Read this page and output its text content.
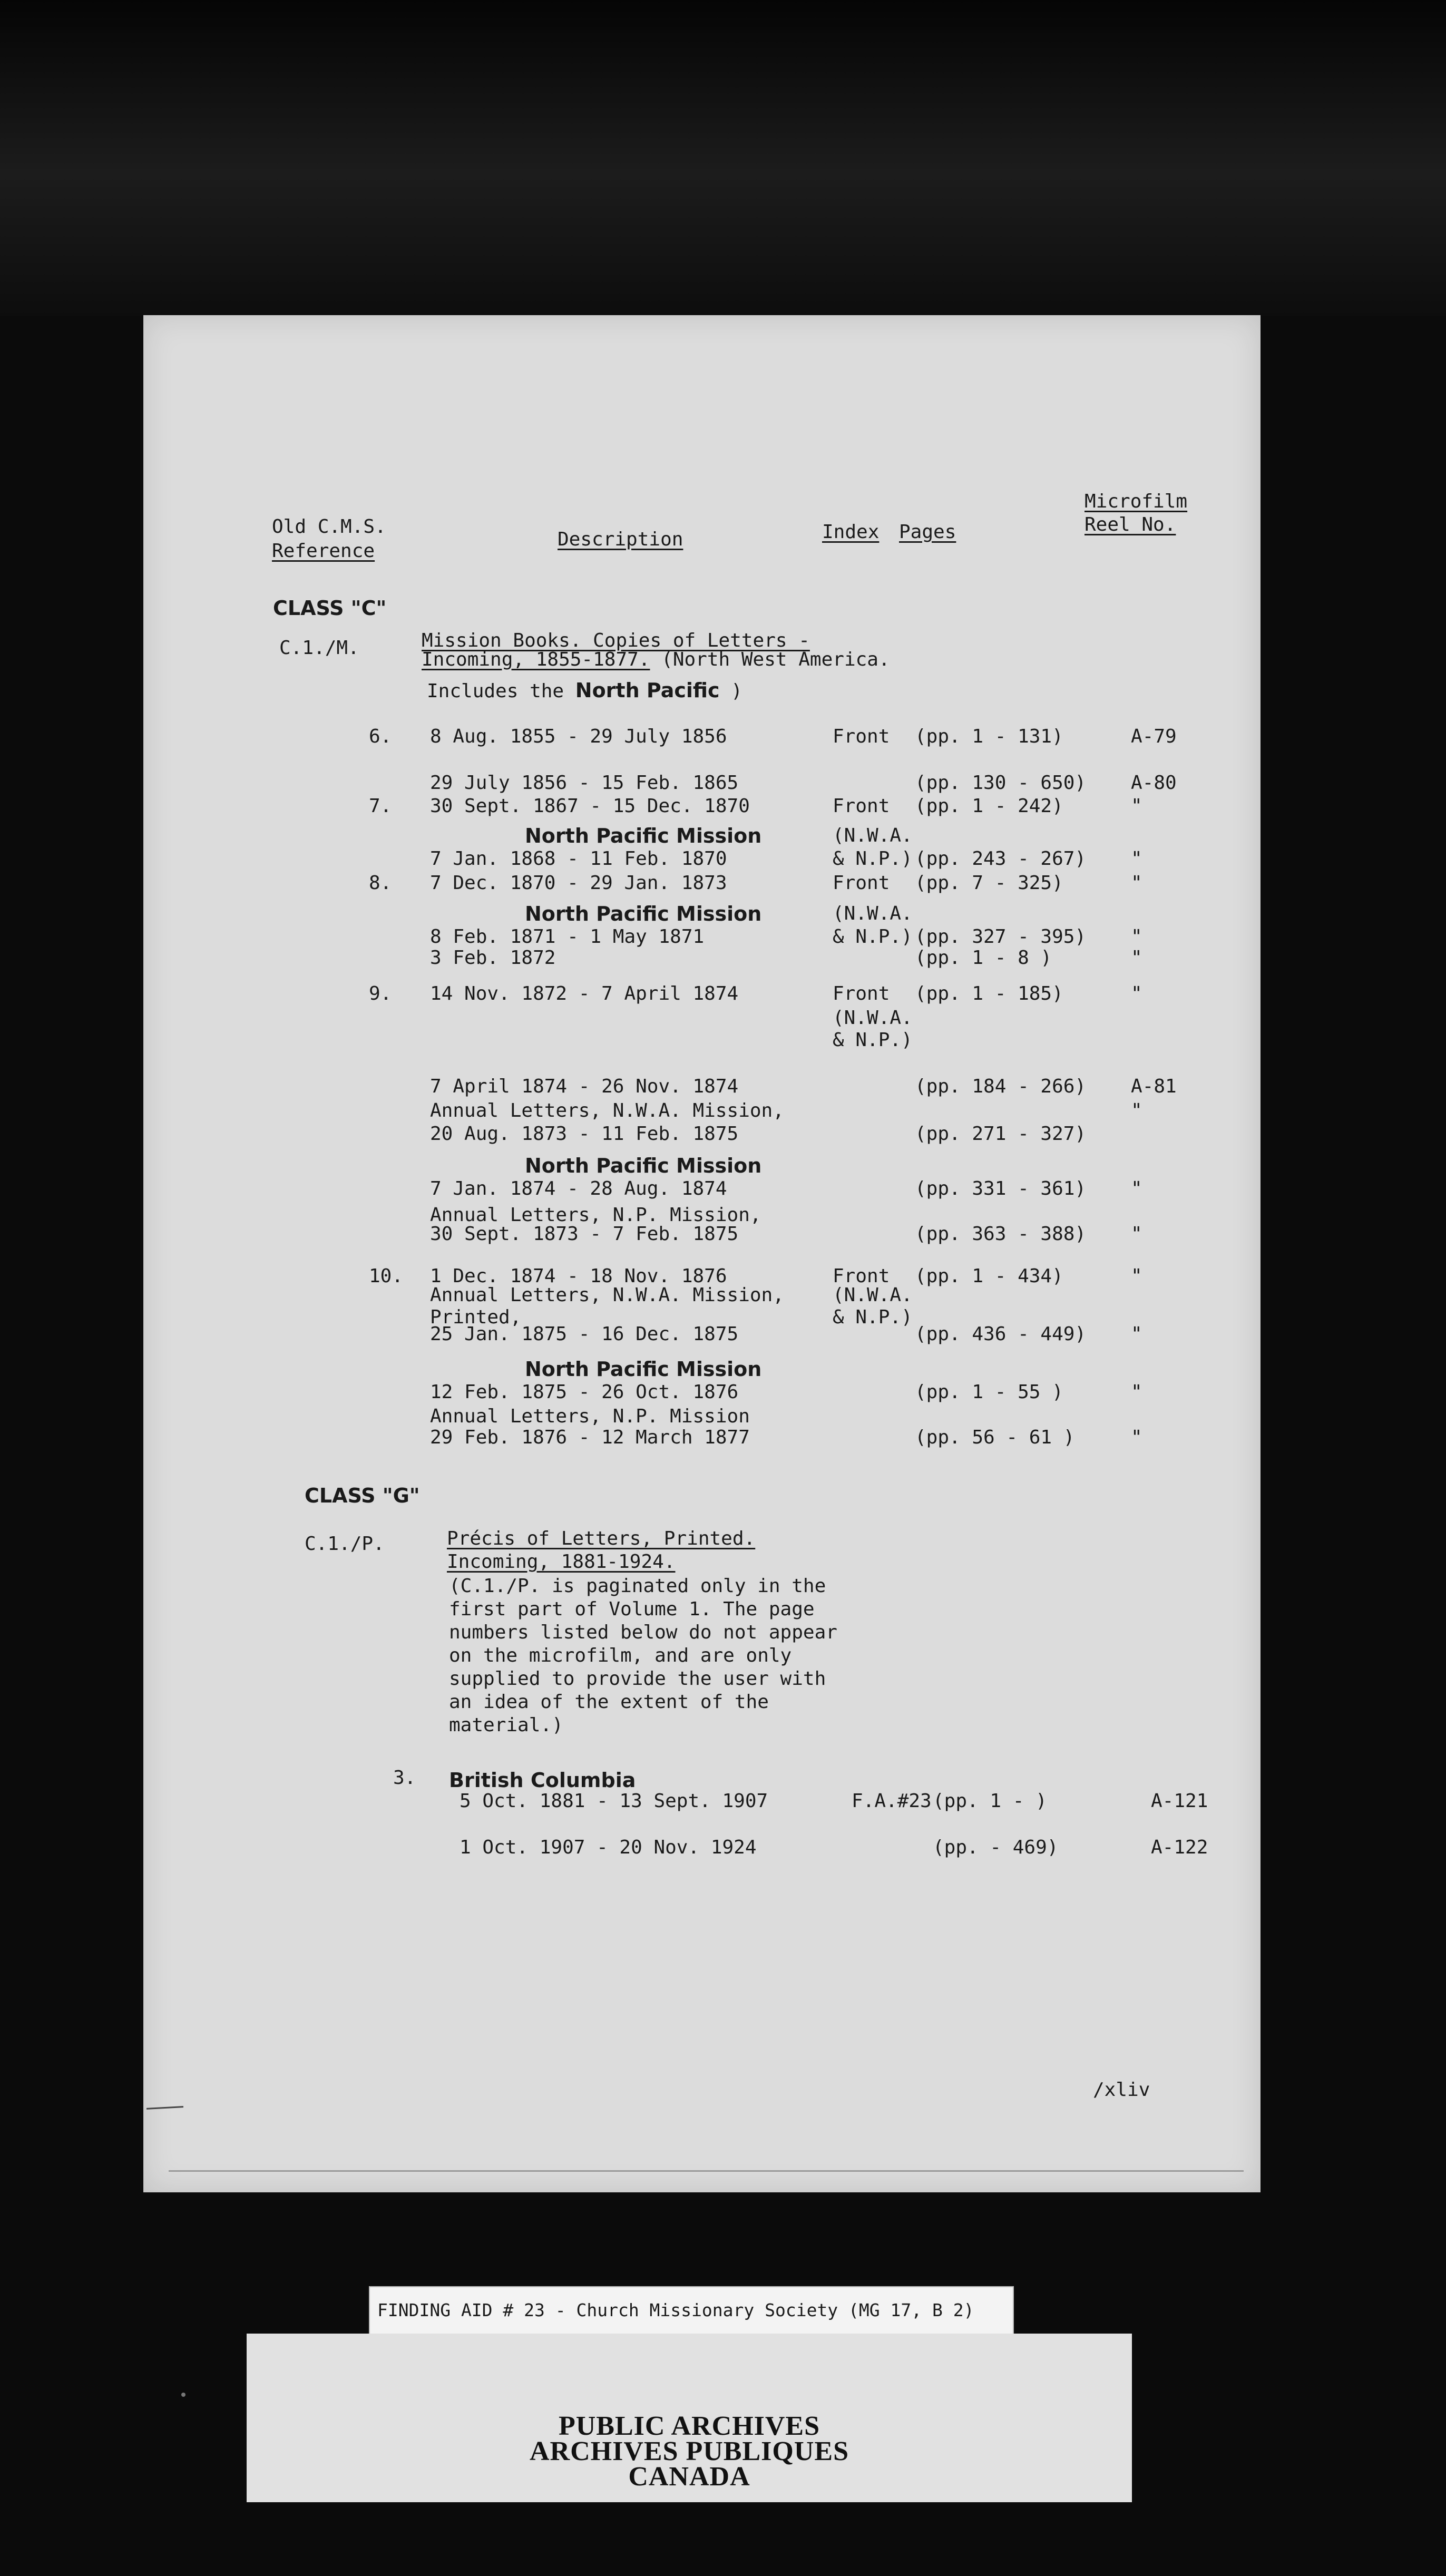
Old C.M.S.
Reference
Description	Index Pages
Microfilm
Reel No.
CLASS "C"
C.1./M.	Mission Books. Copies of Letters -
Incoming, 1855-1877. (North West America.
Includes the North Pacific )
6. 8 Aug. 1855 - 29 July 1856	Front (pp. 1 - 131)	A-79
29 July 1856 - 15 Feb. 1865	(pp. 130 - 650) A-80
7. 30 Sept. 1867 - 15 Dec. 1870	Front (pp. 1 - 242)	"
North Pacific Mission	(N.W.A.
7 Jan. 1868 - 11 Feb. 1870	& N.P.) (pp. 243 - 267) "
8. 7 Dec. 1870 - 29 Jan. 1873	Front (pp. 7 - 325)	"
North Pacific Mission	(N.W.A.
8 Feb. 1871 - 1 May 1871	& N.P.) (pp. 327 - 395) "
3 Feb. 1872	(pp. 1 - 8 )	"
9. 14 Nov. 1872 - 7 April 1874	Front (pp. 1 - 185)	"
(N.W.A.
& N.P.)
7 April 1874 - 26 Nov. 1874	(pp. 184 - 266) A-81
Annual Letters, N.W.A. Mission,	"
20 Aug. 1873 - 11 Feb. 1875	(pp. 271 - 327)
North Pacific Mission
7 Jan. 1874 - 28 Aug. 1874	(pp. 331 - 361) "
Annual Letters, N.P. Mission,
30 Sept. 1873 - 7 Feb. 1875	(pp. 363 - 388) "
10. 1 Dec. 1874 - 18 Nov. 1876	Front (pp. 1 - 434)	"
Annual Letters, N.W.A. Mission,	(N.W.A.
Printed,	& N.P.)
25 Jan. 1875 - 16 Dec. 1875	(pp. 436 - 449) "
North Pacific Mission
12 Feb. 1875 - 26 Oct. 1876	(pp. 1 - 55 )	"
Annual Letters, N.P. Mission
29 Feb. 1876 - 12 March 1877	(pp. 56 - 61 )	"
CLASS "G"
C.1./P.	Précis of Letters, Printed.
Incoming, 1881-1924.
(C.1./P. is paginated only in the
first part of Volume 1. The page
numbers listed below do not appear
on the microfilm, and are only
supplied to provide the user with
an idea of the extent of the
material.)
3. British Columbia
5 Oct. 1881 - 13 Sept. 1907	F.A.#23 (pp. 1 - )	A-121
1 Oct. 1907 - 20 Nov. 1924	(pp. - 469)	A-122
/xliv
FINDING AID # 23 - Church Missionary Society (MG 17, B 2)
PUBLIC ARCHIVES
ARCHIVES PUBLIQUES
CANADA
